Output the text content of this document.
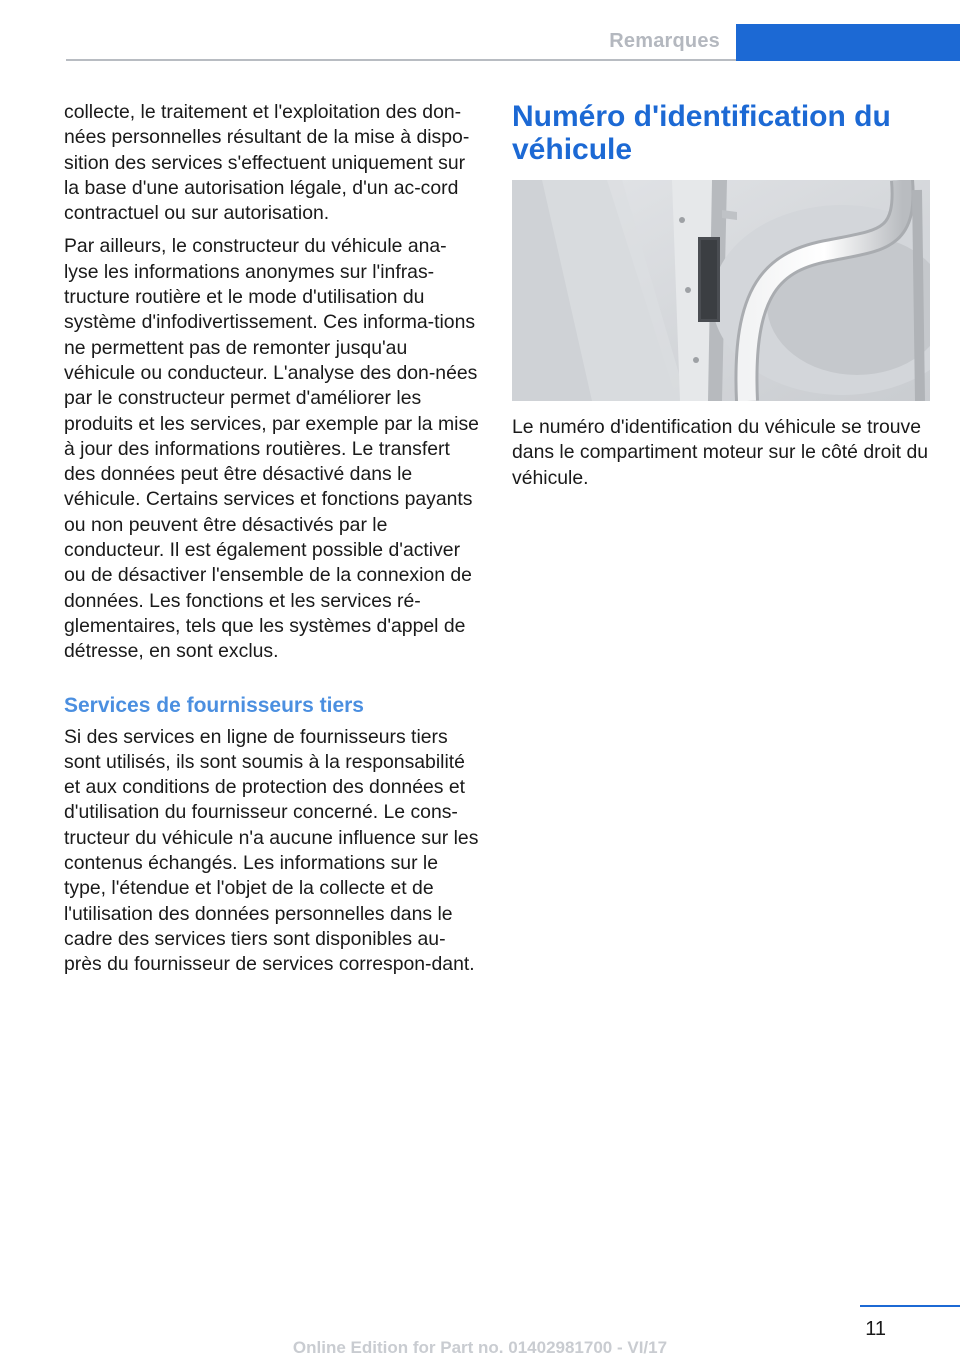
Remarques

collecte, le traitement et l'exploitation des don‐nées personnelles résultant de la mise à dispo‐sition des services s'effectuent uniquement sur la base d'une autorisation légale, d'un ac‐cord contractuel ou sur autorisation.

Par ailleurs, le constructeur du véhicule ana‐lyse les informations anonymes sur l'infras‐tructure routière et le mode d'utilisation du système d'infodivertissement. Ces informa‐tions ne permettent pas de remonter jusqu'au véhicule ou conducteur. L'analyse des don‐nées par le constructeur permet d'améliorer les produits et les services, par exemple par la mise à jour des informations routières. Le transfert des données peut être désactivé dans le véhicule. Certains services et fonctions payants ou non peuvent être désactivés par le conducteur. Il est également possible d'activer ou de désactiver l'ensemble de la connexion de données. Les fonctions et les services ré‐glementaires, tels que les systèmes d'appel de détresse, en sont exclus.

Services de fournisseurs tiers

Si des services en ligne de fournisseurs tiers sont utilisés, ils sont soumis à la responsabilité et aux conditions de protection des données et d'utilisation du fournisseur concerné. Le cons‐tructeur du véhicule n'a aucune influence sur les contenus échangés. Les informations sur le type, l'étendue et l'objet de la collecte et de l'utilisation des données personnelles dans le cadre des services tiers sont disponibles au‐près du fournisseur de services correspon‐dant.

Numéro d'identification du véhicule

Le numéro d'identification du véhicule se trouve dans le compartiment moteur sur le côté droit du véhicule.

11
Online Edition for Part no. 01402981700 - VI/17
